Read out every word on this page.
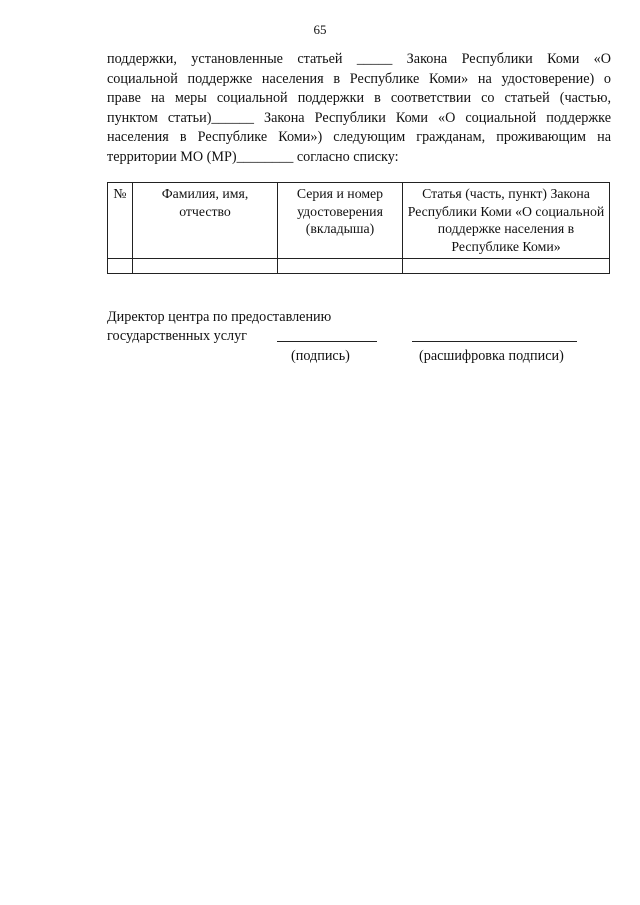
65
поддержки, установленные статьей _____ Закона Республики Коми «О
социальной поддержке населения в Республике Коми» на удостоверение) о
праве на меры социальной поддержки в соответствии со статьей (частью,
пунктом статьи)______ Закона Республики Коми «О социальной поддержке
населения в Республике Коми») следующим гражданам, проживающим на
территории МО (МР)________ согласно списку:
№	Фамилия, имя, отчество	Серия и номер удостоверения (вкладыша)	Статья (часть, пункт) Закона Республики Коми «О социальной поддержке населения в Республике Коми»

Директор центра по предоставлению
государственных услуг
(подпись)	(расшифровка подписи)
